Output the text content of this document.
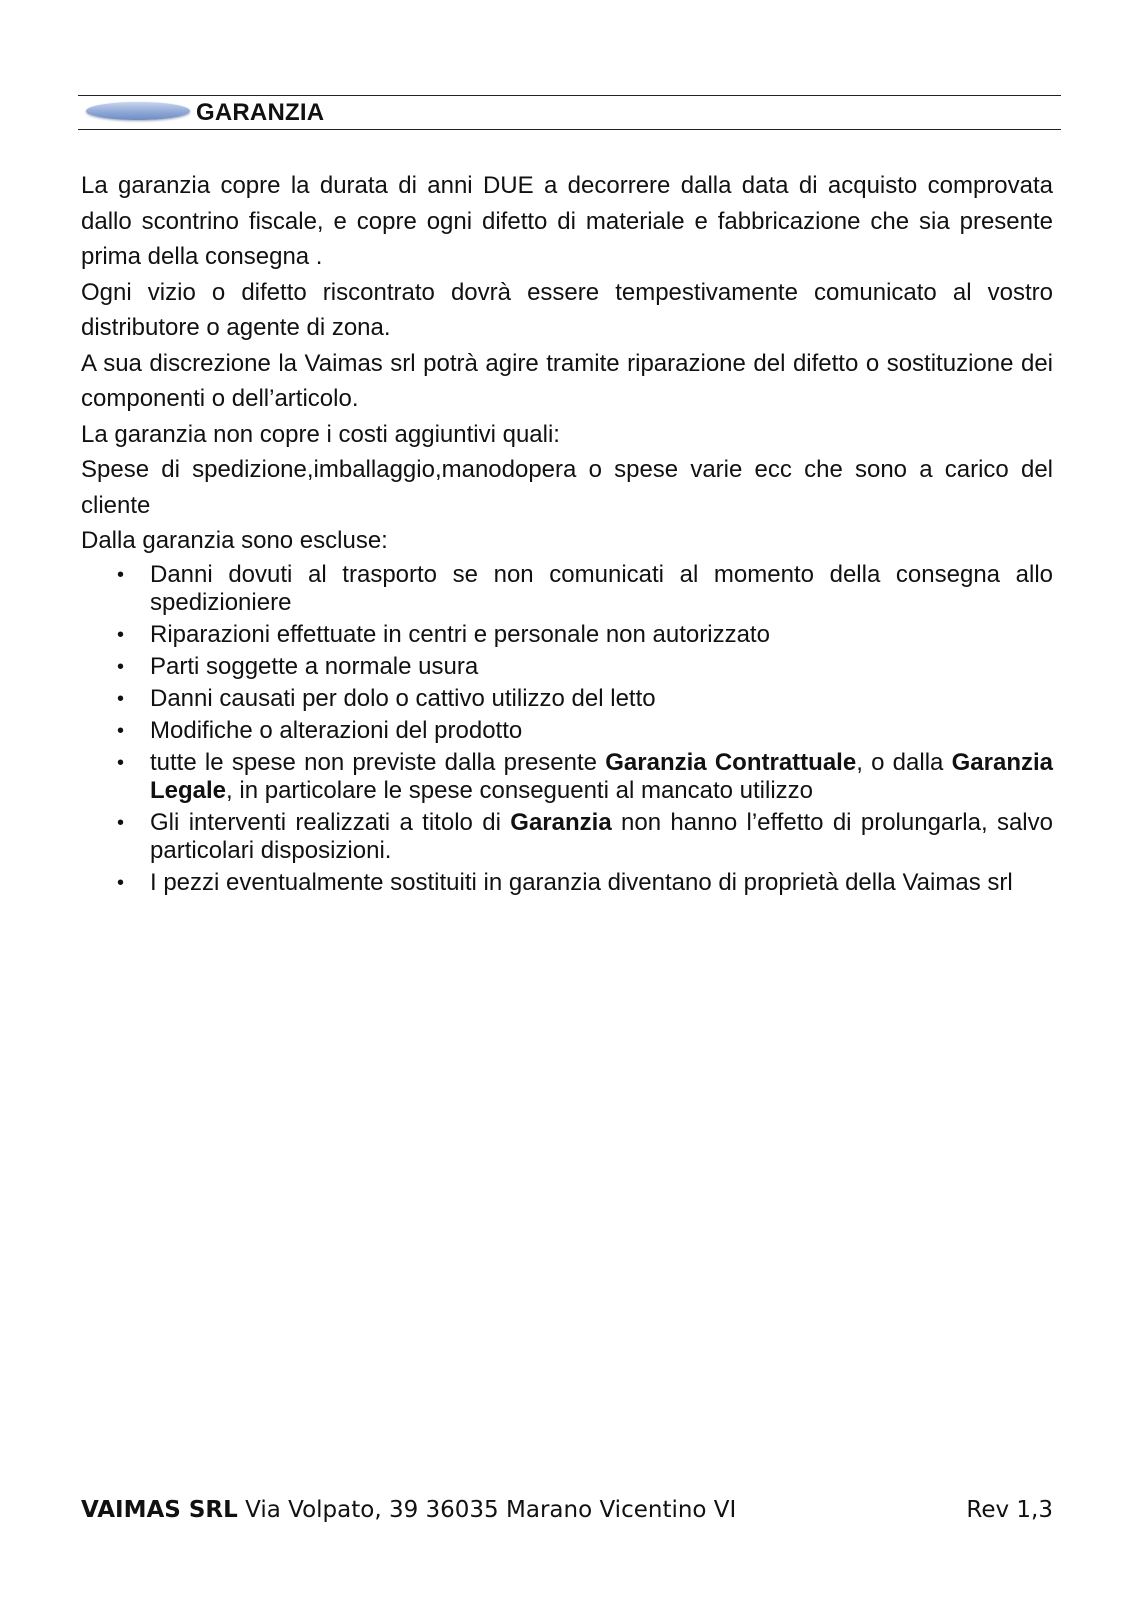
GARANZIA

La garanzia copre la durata di anni DUE a decorrere dalla data di acquisto comprovata dallo scontrino fiscale, e copre ogni difetto di materiale e fabbricazione che sia presente prima della consegna .

Ogni vizio o difetto riscontrato dovrà essere tempestivamente comunicato al vostro distributore o agente di zona.

A sua discrezione la Vaimas srl potrà agire tramite riparazione del difetto o sostituzione dei componenti o dell’articolo.

La garanzia non copre i costi aggiuntivi quali:

Spese di spedizione,imballaggio,manodopera o spese varie ecc che sono a carico del cliente

Dalla garanzia sono escluse:

• Danni dovuti al trasporto se non comunicati al momento della consegna allo spedizioniere
• Riparazioni effettuate in centri e personale non autorizzato
• Parti soggette a normale usura
• Danni causati per dolo o cattivo utilizzo del letto
• Modifiche o alterazioni del prodotto
• tutte le spese non previste dalla presente Garanzia Contrattuale, o dalla Garanzia Legale, in particolare le spese conseguenti al mancato utilizzo
• Gli interventi realizzati a titolo di Garanzia non hanno l’effetto di prolungarla, salvo particolari disposizioni.
• I pezzi eventualmente sostituiti in garanzia diventano di proprietà della Vaimas srl
VAIMAS SRL Via Volpato, 39 36035 Marano Vicentino VI	Rev 1,3
